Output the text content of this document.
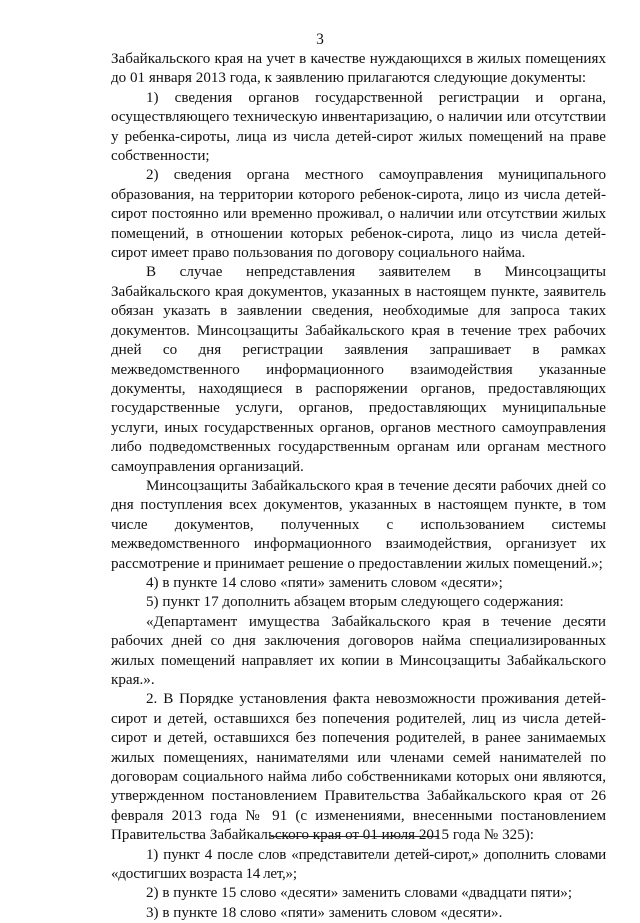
3

Забайкальского края на учет в качестве нуждающихся в жилых помещениях до 01 января 2013 года, к заявлению прилагаются следующие документы:

1) сведения органов государственной регистрации и органа, осуществляющего техническую инвентаризацию, о наличии или отсутствии у ребенка-сироты, лица из числа детей-сирот жилых помещений на праве собственности;

2) сведения органа местного самоуправления муниципального образования, на территории которого ребенок-сирота, лицо из числа детей-сирот постоянно или временно проживал, о наличии или отсутствии жилых помещений, в отношении которых ребенок-сирота, лицо из числа детей-сирот имеет право пользования по договору социального найма.

В случае непредставления заявителем в Минсоцзащиты Забайкальского края документов, указанных в настоящем пункте, заявитель обязан указать в заявлении сведения, необходимые для запроса таких документов. Минсоцзащиты Забайкальского края в течение трех рабочих дней со дня регистрации заявления запрашивает в рамках межведомственного информационного взаимодействия указанные документы, находящиеся в распоряжении органов, предоставляющих государственные услуги, органов, предоставляющих муниципальные услуги, иных государственных органов, органов местного самоуправления либо подведомственных государственным органам или органам местного самоуправления организаций.

Минсоцзащиты Забайкальского края в течение десяти рабочих дней со дня поступления всех документов, указанных в настоящем пункте, в том числе документов, полученных с использованием системы межведомственного информационного взаимодействия, организует их рассмотрение и принимает решение о предоставлении жилых помещений.»;

4) в пункте 14 слово «пяти» заменить словом «десяти»;

5) пункт 17 дополнить абзацем вторым следующего содержания:

«Департамент имущества Забайкальского края в течение десяти рабочих дней со дня заключения договоров найма специализированных жилых помещений направляет их копии в Минсоцзащиты Забайкальского края.».

2. В Порядке установления факта невозможности проживания детей-сирот и детей, оставшихся без попечения родителей, лиц из числа детей-сирот и детей, оставшихся без попечения родителей, в ранее занимаемых жилых помещениях, нанимателями или членами семей нанимателей по договорам социального найма либо собственниками которых они являются, утвержденном постановлением Правительства Забайкальского края от 26 февраля 2013 года № 91 (с изменениями, внесенными постановлением Правительства Забайкальского края от 01 июля 2015 года № 325):

1) пункт 4 после слов «представители детей-сирот,» дополнить словами «достигших возраста 14 лет,»;

2) в пункте 15 слово «десяти» заменить словами «двадцати пяти»;

3) в пункте 18 слово «пяти» заменить словом «десяти».
